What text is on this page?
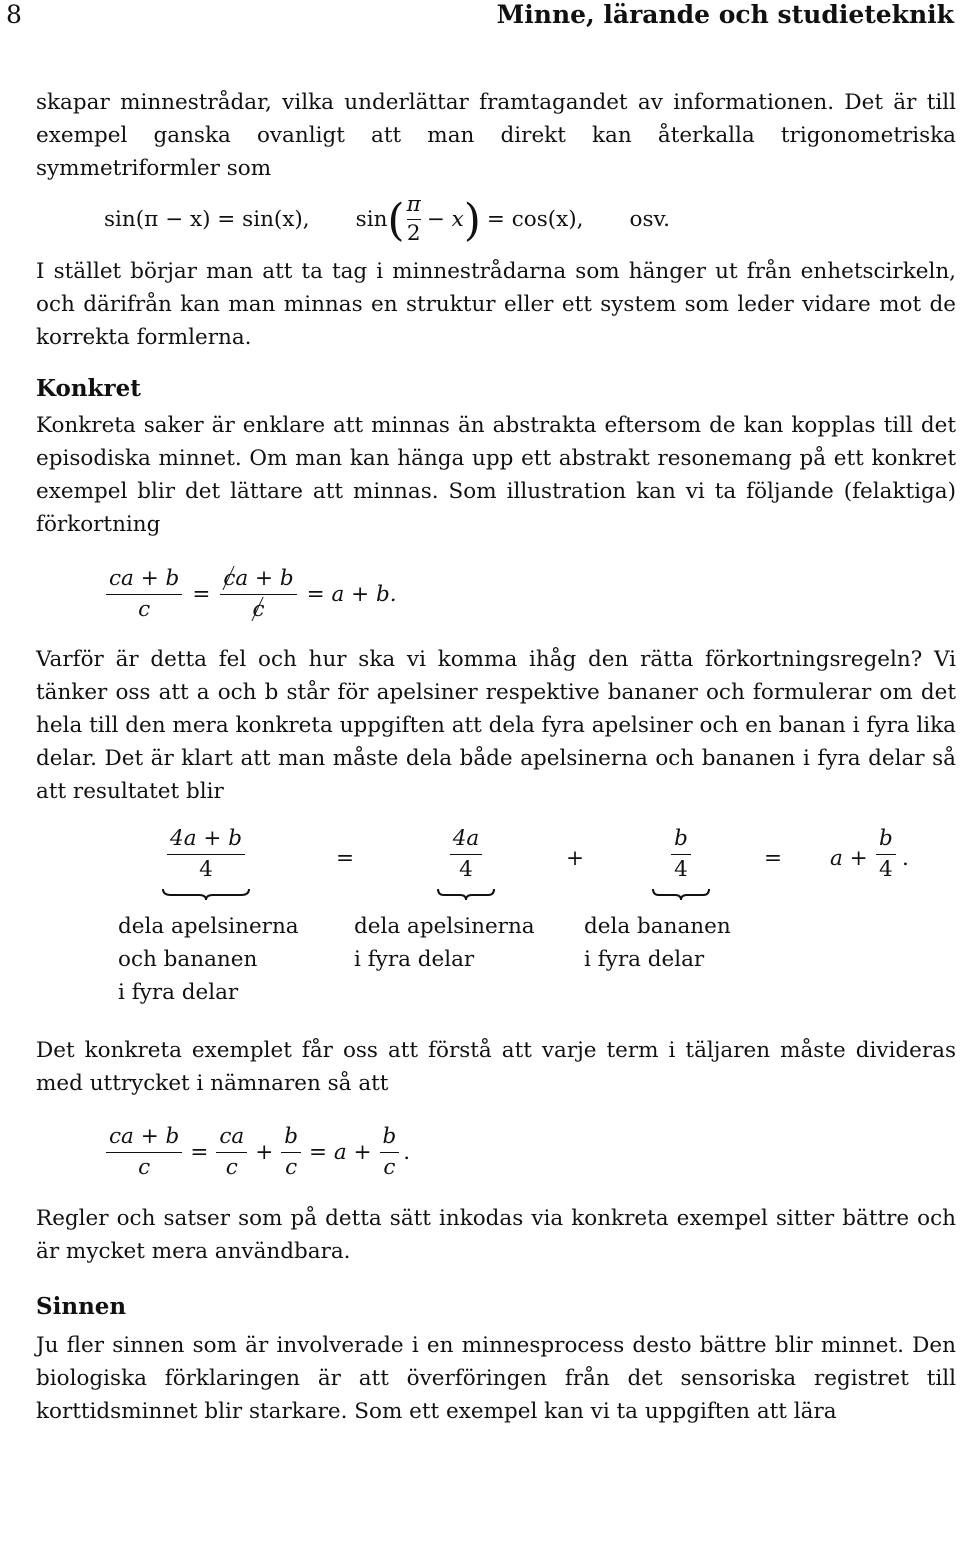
8	Minne, lärande och studieteknik

skapar minnestrådar, vilka underlättar framtagandet av informationen. Det är till exempel ganska ovanligt att man direkt kan återkalla trigonometriska symmetriformler som

sin(π − x) = sin(x), sin ( $\frac{\pi}{2} - x$ ) = cos(x), osv.

I stället börjar man att ta tag i minnestrådarna som hänger ut från enhetscirkeln, och därifrån kan man minnas en struktur eller ett system som leder vidare mot de korrekta formlerna.

Konkret

Konkreta saker är enklare att minnas än abstrakta eftersom de kan kopplas till det episodiska minnet. Om man kan hänga upp ett abstrakt resonemang på ett konkret exempel blir det lättare att minnas. Som illustration kan vi ta följande (felaktiga) förkortning

$\frac{ca + b}{c} = \frac{ca + b}{c} = a + b$.

Varför är detta fel och hur ska vi komma ihåg den rätta förkortningsregeln? Vi tänker oss att a och b står för apelsiner respektive bananer och formulerar om det hela till den mera konkreta uppgiften att dela fyra apelsiner och en banan i fyra lika delar. Det är klart att man måste dela både apelsinerna och bananen i fyra delar så att resultatet blir

$\frac{4a + b}{4}$	=	$\frac{4a}{4}$	+	$\frac{b}{4}$	= $a + \frac{b}{4}$ .
dela apelsinerna
och bananen
i fyra delar
dela apelsinerna
i fyra delar
dela bananen
i fyra delar

Det konkreta exemplet får oss att förstå att varje term i täljaren måste divideras med uttrycket i nämnaren så att

$\frac{ca + b}{c} = \frac{ca}{c} + \frac{b}{c} = a + \frac{b}{c}$ .

Regler och satser som på detta sätt inkodas via konkreta exempel sitter bättre och är mycket mera användbara.

Sinnen

Ju fler sinnen som är involverade i en minnesprocess desto bättre blir minnet. Den biologiska förklaringen är att överföringen från det sensoriska registret till korttidsminnet blir starkare. Som ett exempel kan vi ta uppgiften att lära
